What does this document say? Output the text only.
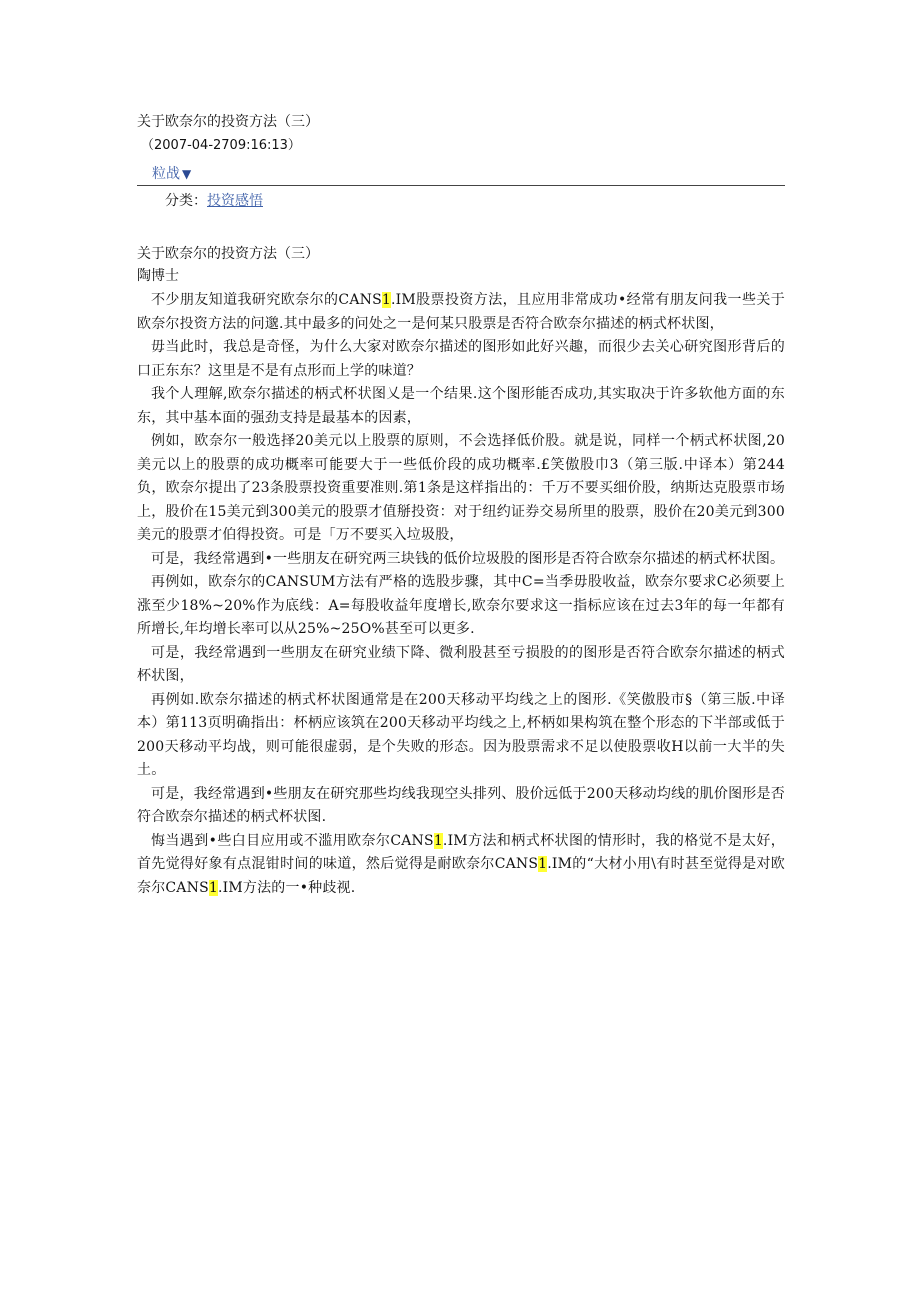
关于欧奈尔的投资方法（三）
（2007-04-2709:16:13）
粒战 ▼
分类：投资感悟
关于欧奈尔的投资方法（三）
陶博士

不少朋友知道我研究欧奈尔的CANS1.IM股票投资方法，且应用非常成功•经常有朋友问我一些关于欧奈尔投资方法的问邈.其中最多的问处之一是何某只股票是否符合欧奈尔描述的柄式杯状图，

毋当此时，我总是奇怪，为什么大家对欧奈尔描述的图形如此好兴趣，而很少去关心研究图形背后的口正东东？这里是不是有点形而上学的味道？

我个人理解,欧奈尔描述的柄式杯状图乂是一个结果.这个图形能否成功,其实取决于许多软他方面的东东，其中基本面的强劲支持是最基本的因素，

例如，欧奈尔一般选择20美元以上股票的原则，不会选择低价股。就是说，同样一个柄式杯状图,20美元以上的股票的成功概率可能要大于一些低价段的成功概率.£笑傲股巾3（第三版.中译本）第244负，欧奈尔提出了23条股票投资重要准则.第1条是这样指出的：千万不要买细价股，纳斯达克股票市场上，股价在15美元到300美元的股票才值掰投资：对于纽约证券交易所里的股票，股价在20美元到300美元的股票才伯得投资。可是「万不要买入垃圾股，

可是，我经常遇到•一些朋友在研究两三块钱的低价垃圾股的图形是否符合欧奈尔描述的柄式杯状图。

再例如，欧奈尔的CANSUM方法有严格的选股步骤，其中C=当季毋股收益，欧奈尔要求C必须要上涨至少18%~20%作为底线：A=每股收益年度增长,欧奈尔要求这一指标应该在过去3年的每一年都有所增长,年均增长率可以从25%~25O%甚至可以更多.

可是，我经常遇到一些朋友在研究业绩下降、微利股甚至亏损股的的图形是否符合欧奈尔描述的柄式杯状图，

再例如.欧奈尔描述的柄式杯状图通常是在200天移动平均线之上的图形.《笑傲股市§（第三版.中译本）第113页明确指出：杯柄应该筑在200天移动平均线之上,杯柄如果构筑在整个形态的下半部或低于200天移动平均战，则可能很虚弱，是个失败的形态。因为股票需求不足以使股票收H以前一大半的失土。

可是，我经常遇到•些朋友在研究那些均线我现空头排列、股价远低于200天移动均线的肌价图形是否符合欧奈尔描述的柄式杯状图.

悔当遇到•些白目应用或不滥用欧奈尔CANS1.IM方法和柄式杯状图的情形时，我的格觉不是太好，首先觉得好象有点混钳时间的味道，然后觉得是耐欧奈尔CANS1.IM的“大材小用\有时甚至觉得是对欧奈尔CANS1.IM方法的一•种歧视.
